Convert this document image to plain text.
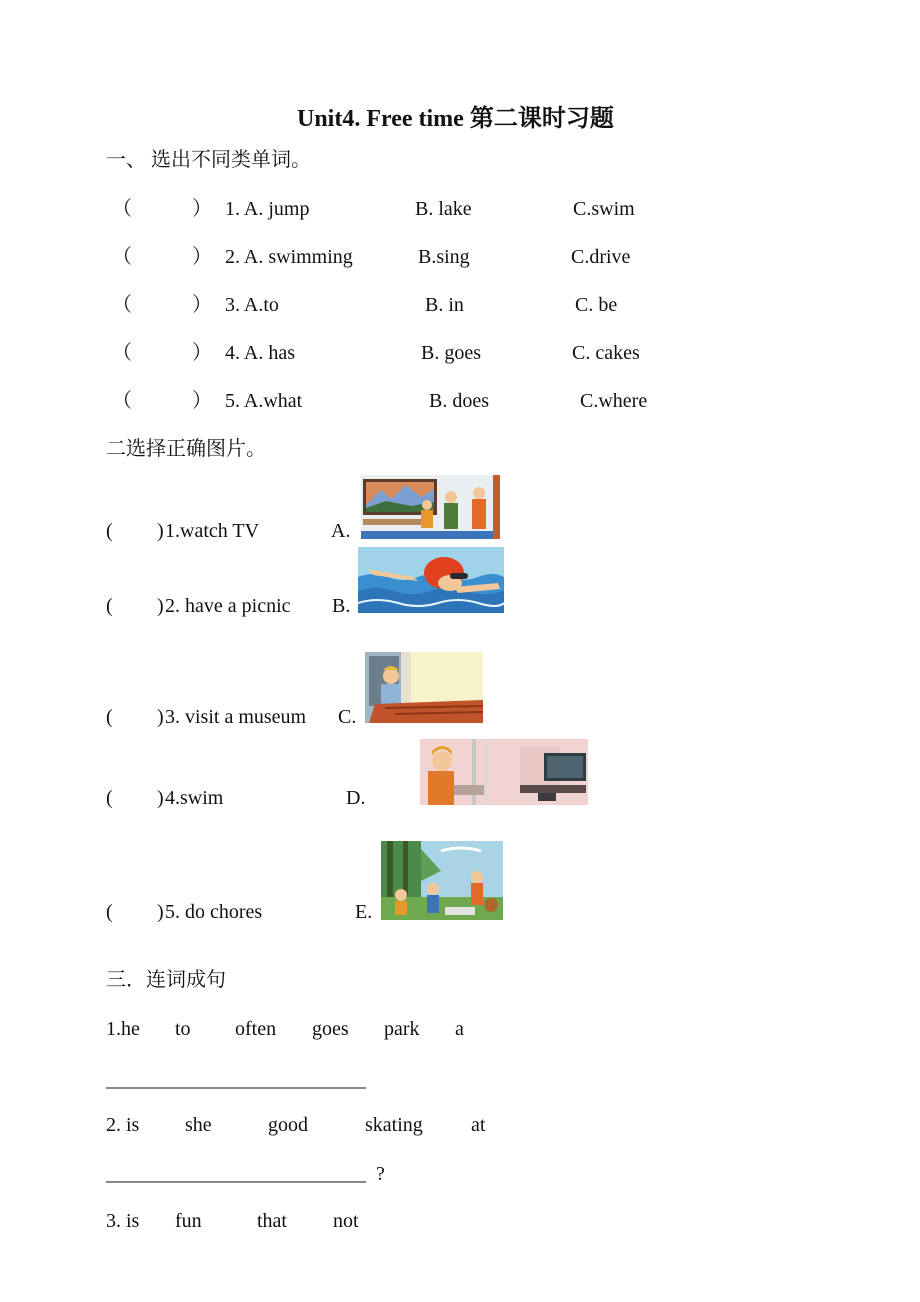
Unit4. Free time 第二课时习题
一、 选出不同类单词。
（　　　） 1. A. jump	B. lake	C.swim
（　　　） 2. A. swimming	B.sing	C.drive
（　　　） 3. A.to	B. in	C. be
（　　　） 4. A. has	B. goes	C. cakes
（　　　） 5. A.what	B. does	C.where
二选择正确图片。
( ) 1.watch TV	A.
( ) 2. have a picnic B.
( ) 3. visit a museum C.
( ) 4.swim	D.
( ) 5. do chores	E.
三．连词成句
1.he to often goes park a
__________________________
2. is she	good	skating at
__________________________ ?
3. is fun	that not
